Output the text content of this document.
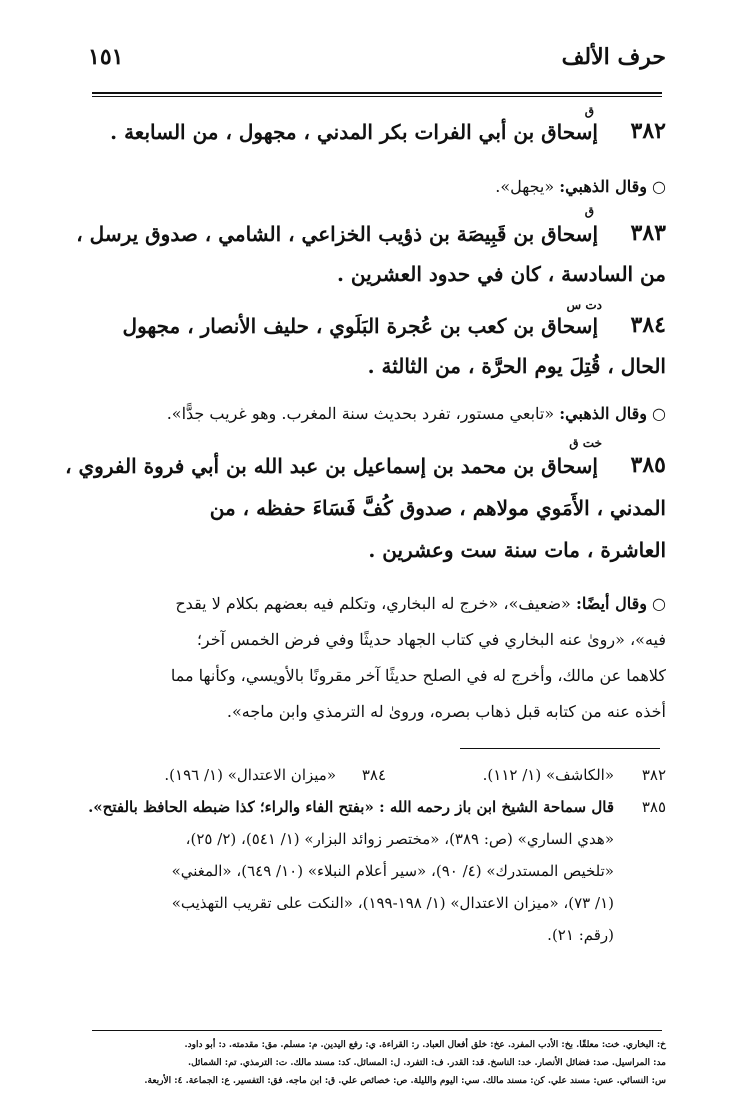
حرف الألف
١٥١
٣٨٢
ق
إسحاق بن أبي الفرات بكر المدني ، مجهول ، من السابعة .
○ وقال الذهبي: «يجهل».
٣٨٣
ق
إسحاق بن قَبِيصَة بن ذؤيب الخزاعي ، الشامي ، صدوق يرسل ،
من السادسة ، كان في حدود العشرين .
٣٨٤
دت س
إسحاق بن كعب بن عُجرة البَلَوي ، حليف الأنصار ، مجهول
الحال ، قُتِلَ يوم الحرَّة ، من الثالثة .
○ وقال الذهبي: «تابعي مستور، تفرد بحديث سنة المغرب. وهو غريب جدًّا».
٣٨٥
خت ق
إسحاق بن محمد بن إسماعيل بن عبد الله بن أبي فروة الفروي ،
المدني ، الأَمَوي مولاهم ، صدوق كُفَّ فَسَاءَ حفظه ، من
العاشرة ، مات سنة ست وعشرين .
○ وقال أيضًا: «ضعيف»، «خرج له البخاري، وتكلم فيه بعضهم بكلام لا يقدح
فيه»، «روىٰ عنه البخاري في كتاب الجهاد حديثًا وفي فرض الخمس آخر؛
كلاهما عن مالك، وأخرج له في الصلح حديثًا آخر مقرونًا بالأويسي، وكأنها مما
أخذه عنه من كتابه قبل ذهاب بصره، وروىٰ له الترمذي وابن ماجه».
٣٨٢
«الكاشف» (١/ ١١٢).
٣٨٤
«ميزان الاعتدال» (١/ ١٩٦).
٣٨٥
قال سماحة الشيخ ابن باز رحمه الله : «بفتح الفاء والراء؛ كذا ضبطه الحافظ بالفتح».
«هدي الساري» (ص: ٣٨٩)، «مختصر زوائد البزار» (١/ ٥٤١)، (٢/ ٢٥)،
«تلخيص المستدرك» (٤/ ٩٠)، «سير أعلام النبلاء» (١٠/ ٦٤٩)، «المغني»
(١/ ٧٣)، «ميزان الاعتدال» (١/ ١٩٨-١٩٩)، «النكت على تقريب التهذيب»
(رقم: ٢١).
خ: البخاري. خت: معلقًا. بخ: الأدب المفرد. عخ: خلق أفعال العباد. ر: القراءة. ي: رفع اليدين. م: مسلم. مق: مقدمته. د: أبو داود.
مد: المراسيل. صد: فضائل الأنصار. خد: الناسخ. قد: القدر. ف: التفرد. ل: المسائل. كد: مسند مالك. ت: الترمذي. تم: الشمائل.
س: النسائي. عس: مسند علي. كن: مسند مالك. سي: اليوم والليلة. ص: خصائص علي. ق: ابن ماجه. فق: التفسير. ع: الجماعة. ٤: الأربعة.
